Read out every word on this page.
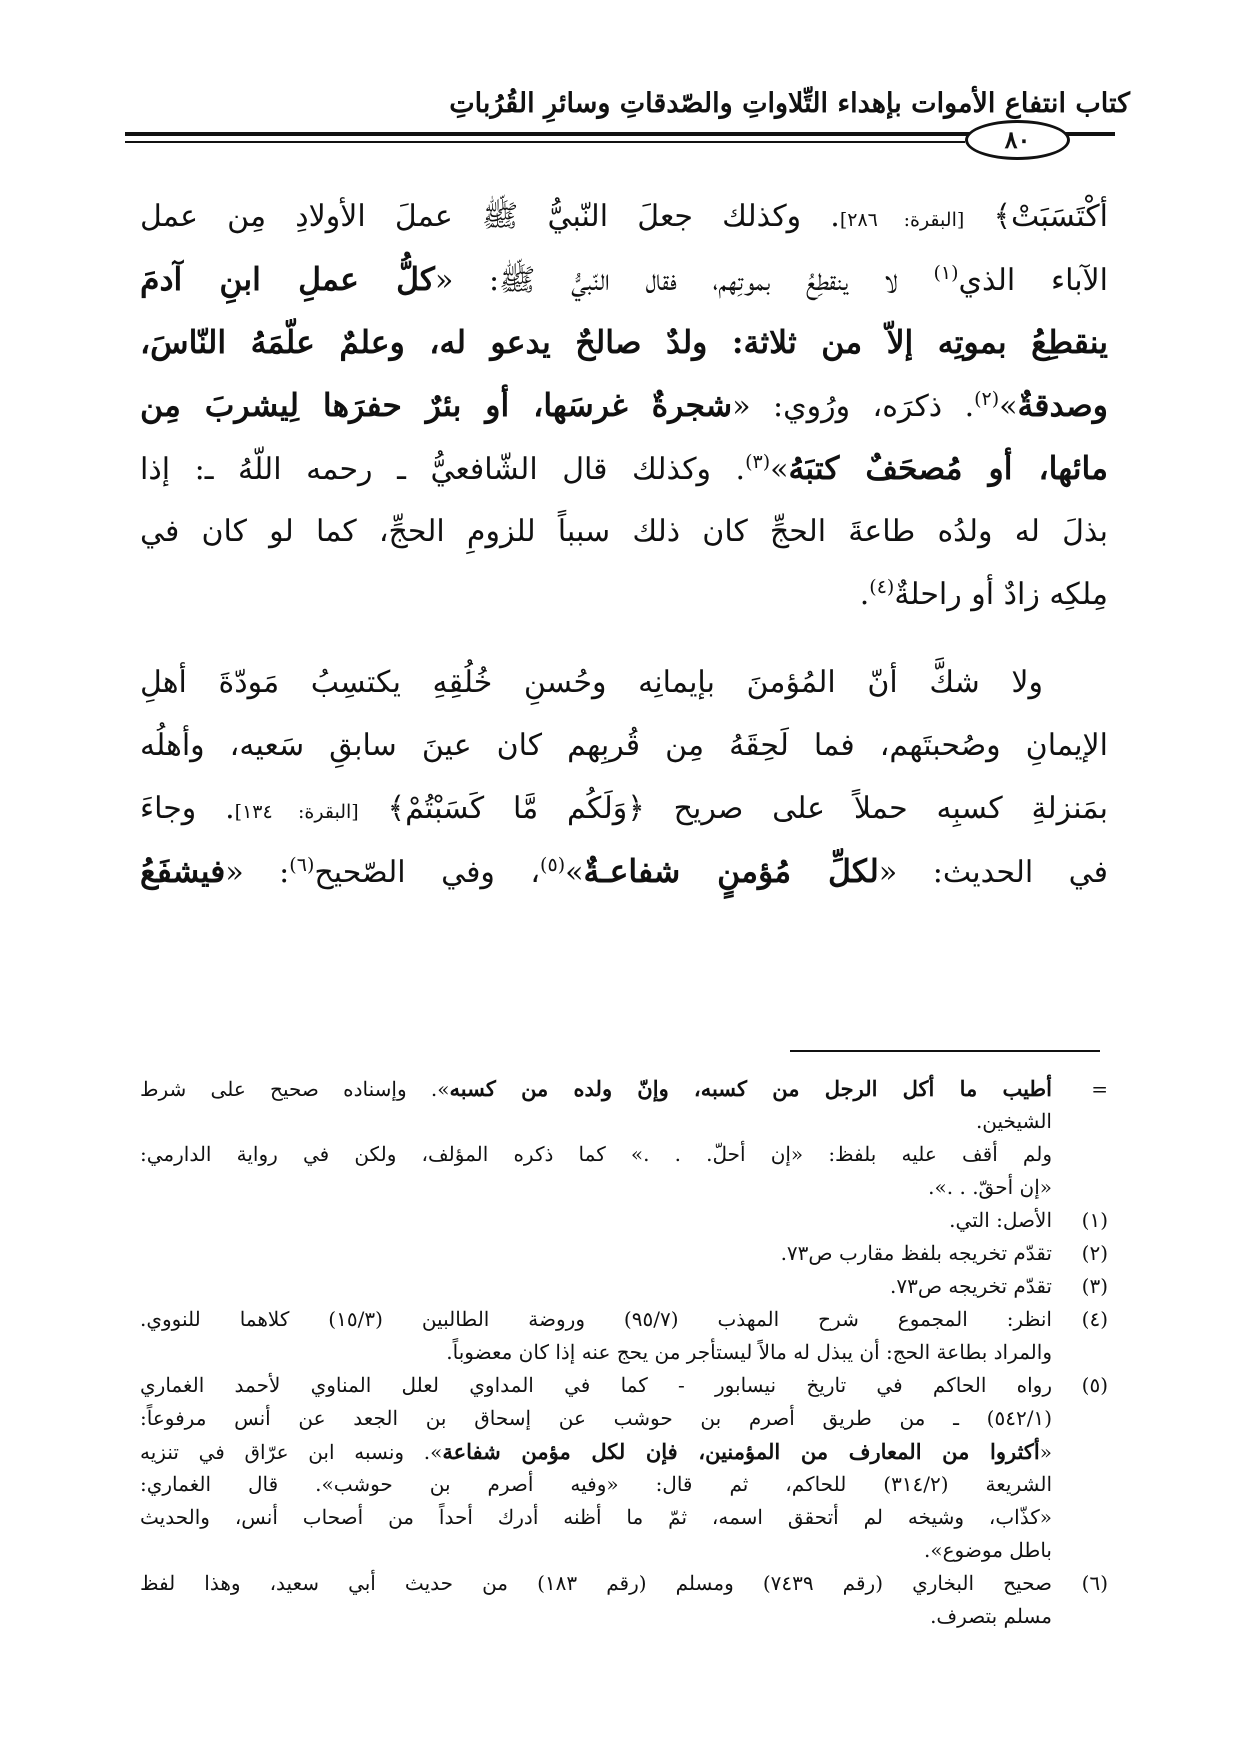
كتاب انتفاع الأموات بإهداء التِّلاواتِ والصّدقاتِ وسائرِ القُرُباتِ
٨٠
أكْتَسَبَتْ﴾ [البقرة: ٢٨٦]. وكذلك جعلَ النّبيُّ ﷺ عملَ الأولادِ مِن عمل
الآباء الذي$^{(١)}$ لا ينقطِعُ بموتِهم، فقال النّبيُّ ﷺ: «كلُّ عملِ ابنِ آدمَ
ينقطِعُ بموتِه إلاّ من ثلاثة: ولدٌ صالحٌ يدعو له، وعلمٌ علّمَهُ النّاسَ،
وصدقةٌ»$^{(٢)}$. ذكرَه، ورُوي: «شجرةٌ غرسَها، أو بئرٌ حفرَها لِيشربَ مِن
مائها، أو مُصحَفٌ كتبَهُ»$^{(٣)}$. وكذلك قال الشّافعيُّ ـ رحمه اللّهُ ـ: إذا
بذلَ له ولدُه طاعةَ الحجِّ كان ذلك سبباً للزومِ الحجِّ، كما لو كان في
مِلكِه زادٌ أو راحلةٌ$^{(٤)}$.
ولا شكَّ أنّ المُؤمنَ بإيمانِه وحُسنِ خُلُقِهِ يكتسِبُ مَودّةَ أهلِ
الإيمانِ وصُحبتَهم، فما لَحِقَهُ مِن قُربِهم كان عينَ سابقِ سَعيه، وأهلُه
بمَنزلةِ كسبِه حملاً على صريح ﴿وَلَكُم مَّا كَسَبْتُمْ﴾ [البقرة: ١٣٤]. وجاءَ
في الحديث: «لكلِّ مُؤمنٍ شفاعـةٌ»$^{(٥)}$، وفي الصّحيح$^{(٦)}$: «فيشفَعُ
=أطيب ما أكل الرجل من كسبه، وإنّ ولده من كسبه». وإسناده صحيح على شرط
الشيخين.
ولم أقف عليه بلفظ: «إن أحلّ. . .» كما ذكره المؤلف، ولكن في رواية الدارمي:
«إن أحقّ. . .».
(١)الأصل: التي.
(٢)تقدّم تخريجه بلفظ مقارب ص٧٣.
(٣)تقدّم تخريجه ص٧٣.
(٤)انظر: المجموع شرح المهذب (٩٥/٧) وروضة الطالبين (١٥/٣) كلاهما للنووي.
والمراد بطاعة الحج: أن يبذل له مالاً ليستأجر من يحج عنه إذا كان معضوباً.
(٥)رواه الحاكم في تاريخ نيسابور - كما في المداوي لعلل المناوي لأحمد الغماري
(٥٤٢/١) ـ من طريق أصرم بن حوشب عن إسحاق بن الجعد عن أنس مرفوعاً:
«أكثروا من المعارف من المؤمنين، فإن لكل مؤمن شفاعة». ونسبه ابن عرّاق في تنزيه
الشريعة (٣١٤/٢) للحاكم، ثم قال: «وفيه أصرم بن حوشب». قال الغماري:
«كذّاب، وشيخه لم أتحقق اسمه، ثمّ ما أظنه أدرك أحداً من أصحاب أنس، والحديث
باطل موضوع».
(٦)صحيح البخاري (رقم ٧٤٣٩) ومسلم (رقم ١٨٣) من حديث أبي سعيد، وهذا لفظ
مسلم بتصرف.
